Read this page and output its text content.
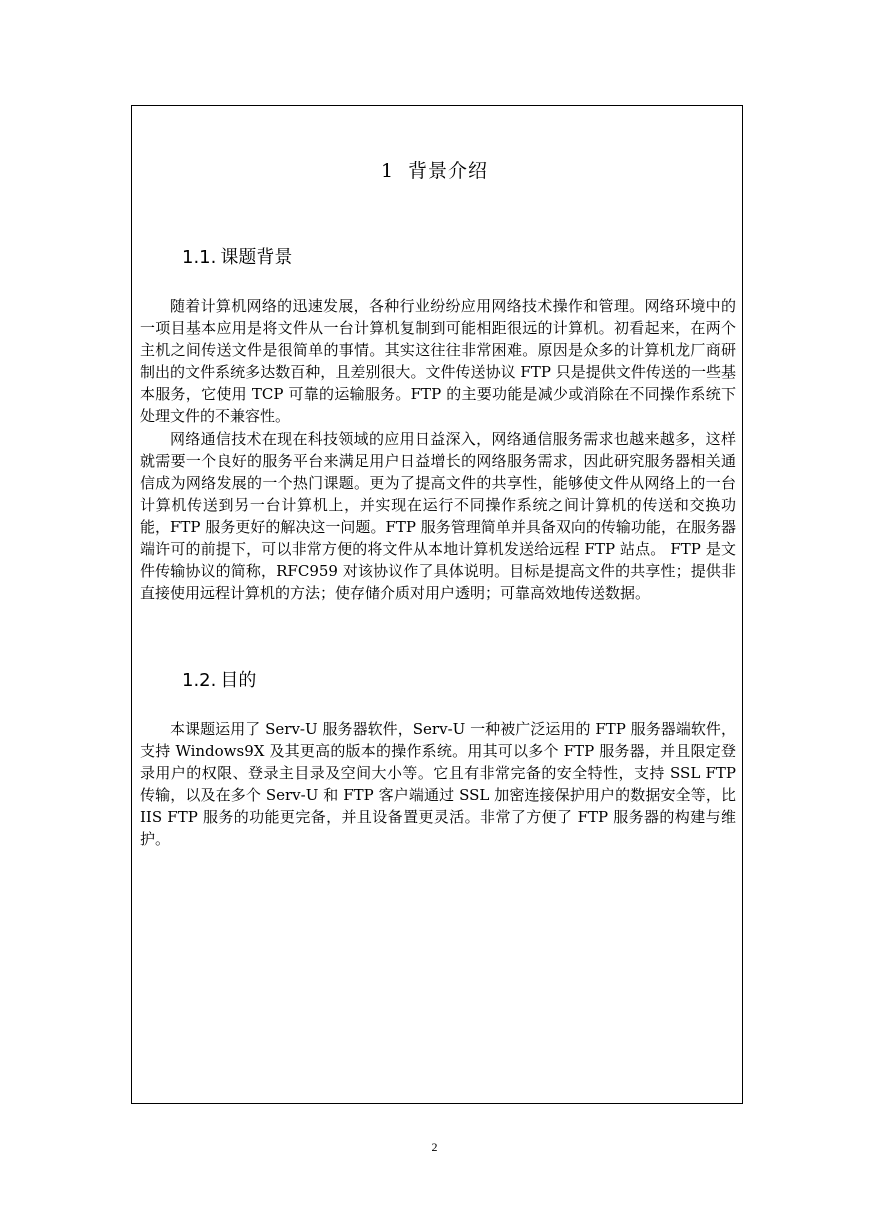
1 背景介绍
1.1. 课题背景

随着计算机网络的迅速发展，各种行业纷纷应用网络技术操作和管理。网络环境中的一项目基本应用是将文件从一台计算机复制到可能相距很远的计算机。初看起来，在两个主机之间传送文件是很简单的事情。其实这往往非常困难。原因是众多的计算机龙厂商研制出的文件系统多达数百种，且差别很大。文件传送协议 FTP 只是提供文件传送的一些基本服务，它使用 TCP 可靠的运输服务。FTP 的主要功能是减少或消除在不同操作系统下处理文件的不兼容性。

网络通信技术在现在科技领域的应用日益深入，网络通信服务需求也越来越多，这样就需要一个良好的服务平台来满足用户日益增长的网络服务需求，因此研究服务器相关通信成为网络发展的一个热门课题。更为了提高文件的共享性，能够使文件从网络上的一台计算机传送到另一台计算机上，并实现在运行不同操作系统之间计算机的传送和交换功能，FTP 服务更好的解决这一问题。FTP 服务管理简单并具备双向的传输功能，在服务器端许可的前提下，可以非常方便的将文件从本地计算机发送给远程 FTP 站点。 FTP 是文件传输协议的简称，RFC959 对该协议作了具体说明。目标是提高文件的共享性；提供非直接使用远程计算机的方法；使存储介质对用户透明；可靠高效地传送数据。

1.2. 目的

本课题运用了 Serv-U 服务器软件，Serv-U 一种被广泛运用的 FTP 服务器端软件，支持 Windows9X 及其更高的版本的操作系统。用其可以多个 FTP 服务器，并且限定登录用户的权限、登录主目录及空间大小等。它且有非常完备的安全特性，支持 SSL FTP 传输，以及在多个 Serv-U 和 FTP 客户端通过 SSL 加密连接保护用户的数据安全等，比 IIS FTP 服务的功能更完备，并且设备置更灵活。非常了方便了 FTP 服务器的构建与维护。

2
